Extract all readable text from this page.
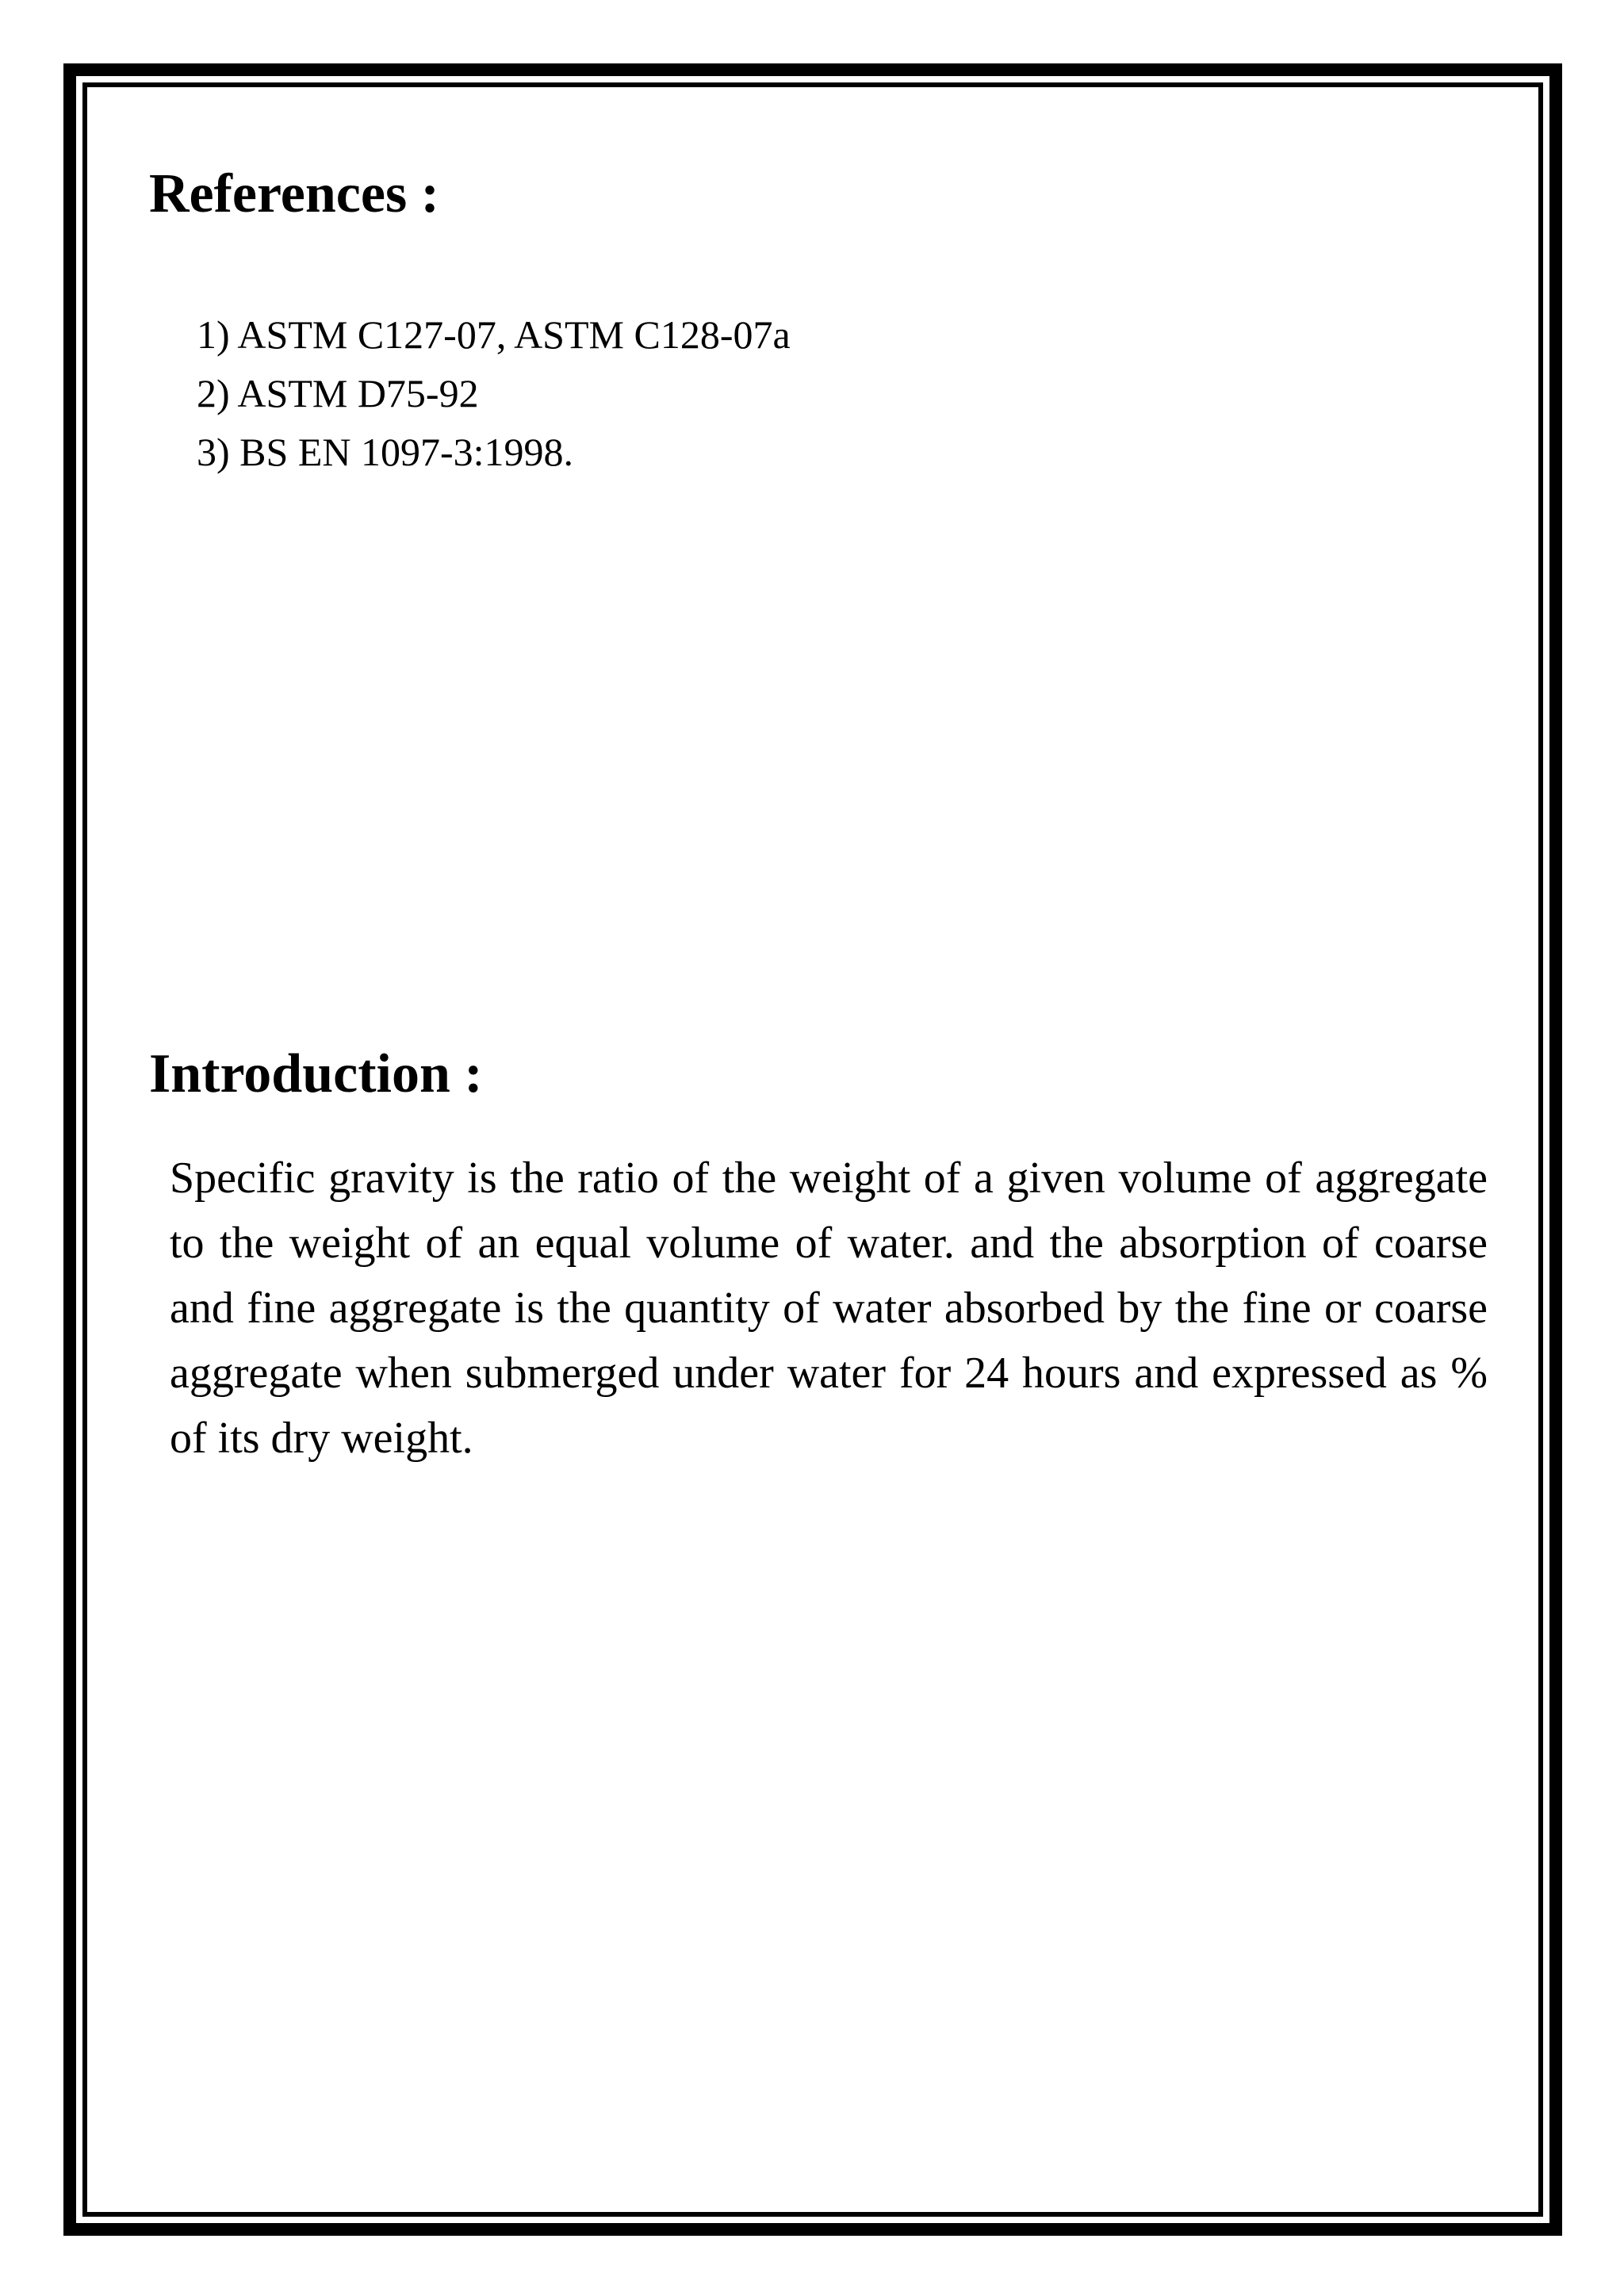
References :
1) ASTM C127-07, ASTM C128-07a
2) ASTM D75-92
3) BS EN 1097-3:1998.
Introduction :

Specific gravity is the ratio of the weight of a given volume of aggregate to the weight of an equal volume of water. and the absorption of coarse and fine aggregate is the quantity of water absorbed by the fine or coarse aggregate when submerged under water for 24 hours and expressed as % of its dry weight.
